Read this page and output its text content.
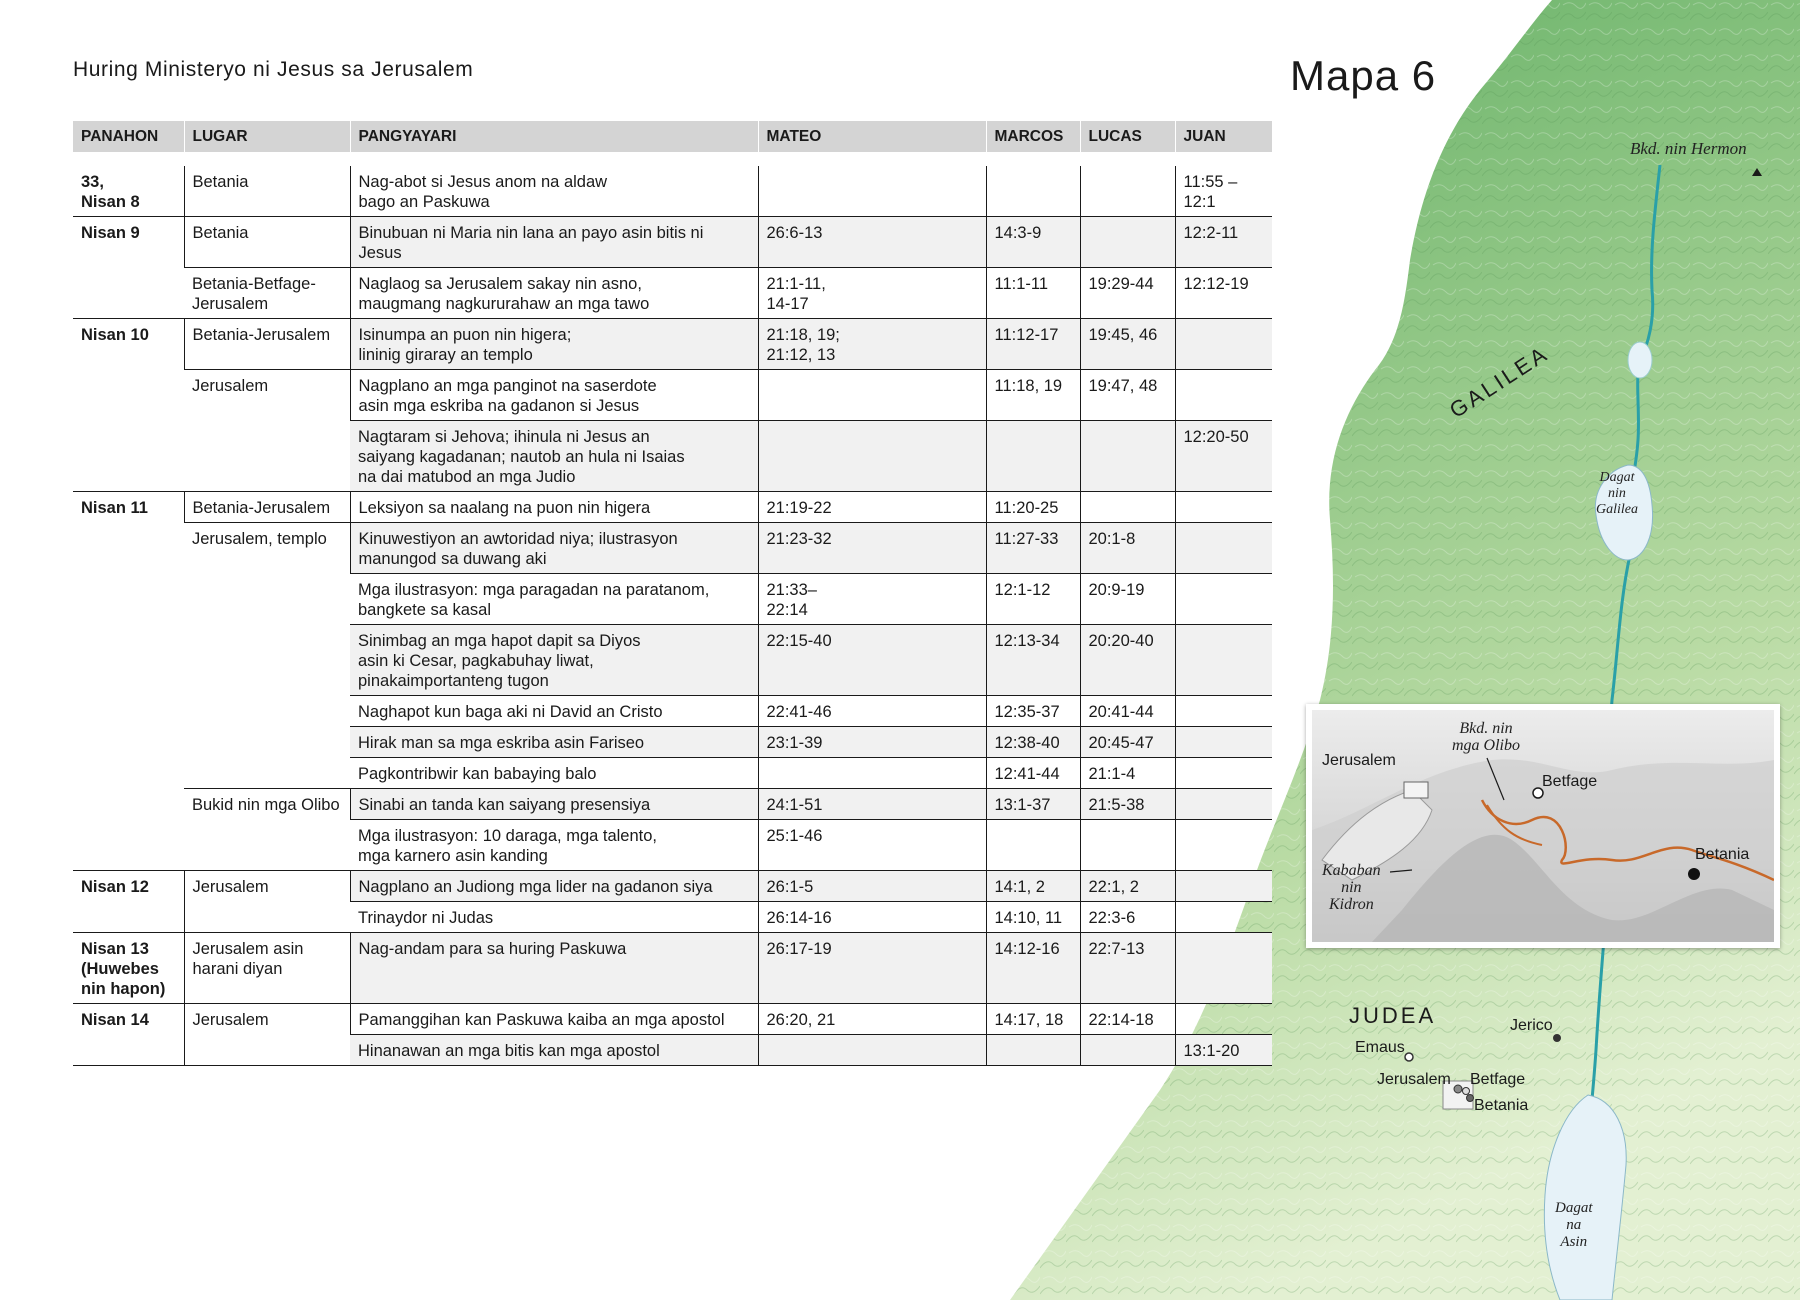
Huring Ministeryo ni Jesus sa Jerusalem	Mapa 6
Bkd. nin Hermon
GALILEA
Dagat
nin
Galilea
JUDEA	Jerico
Emaus
Jerusalem Betfage
Betania
Dagat
na
Asin
Bkd. nin
mga Olibo
Jerusalem
Betfage
Betania
Kababan
nin
Kidron
PANAHON	LUGAR	PANGYAYARI	MATEO	MARCOS	LUCAS	JUAN

33,
Nisan 8	Betania	Nag-abot si Jesus anom na aldaw
bago an Paskuwa				11:55 –
12:1

Nisan 9	Betania	Binubuan ni Maria nin lana an payo asin bitis ni Jesus	26:6-13	14:3-9		12:2-11

	Betania-Betfage-
Jerusalem	Naglaog sa Jerusalem sakay nin asno,
maugmang nagkururahaw an mga tawo	21:1-11,
14-17	11:1-11	19:29-44	12:12-19

Nisan 10	Betania-Jerusalem	Isinumpa an puon nin higera;
lininig giraray an templo	21:18, 19;
21:12, 13	11:12-17	19:45, 46	

	Jerusalem	Nagplano an mga panginot na saserdote
asin mga eskriba na gadanon si Jesus		11:18, 19	19:47, 48	

		Nagtaram si Jehova; ihinula ni Jesus an
saiyang kagadanan; nautob an hula ni Isaias
na dai matubod an mga Judio				12:20-50

Nisan 11	Betania-Jerusalem	Leksiyon sa naalang na puon nin higera	21:19-22	11:20-25		

	Jerusalem, templo	Kinuwestiyon an awtoridad niya; ilustrasyon
manungod sa duwang aki	21:23-32	11:27-33	20:1-8	

		Mga ilustrasyon: mga paragadan na paratanom,
bangkete sa kasal	21:33–
22:14	12:1-12	20:9-19	

		Sinimbag an mga hapot dapit sa Diyos
asin ki Cesar, pagkabuhay liwat,
pinakaimportanteng tugon	22:15-40	12:13-34	20:20-40	

		Naghapot kun baga aki ni David an Cristo	22:41-46	12:35-37	20:41-44	

		Hirak man sa mga eskriba asin Fariseo	23:1-39	12:38-40	20:45-47	

		Pagkontribwir kan babaying balo		12:41-44	21:1-4	

	Bukid nin mga Olibo	Sinabi an tanda kan saiyang presensiya	24:1-51	13:1-37	21:5-38	

		Mga ilustrasyon: 10 daraga, mga talento,
mga karnero asin kanding	25:1-46			

Nisan 12	Jerusalem	Nagplano an Judiong mga lider na gadanon siya	26:1-5	14:1, 2	22:1, 2	

		Trinaydor ni Judas	26:14-16	14:10, 11	22:3-6	

Nisan 13
(Huwebes
nin hapon)	Jerusalem asin
harani diyan	Nag-andam para sa huring Paskuwa	26:17-19	14:12-16	22:7-13	

Nisan 14	Jerusalem	Pamanggihan kan Paskuwa kaiba an mga apostol	26:20, 21	14:17, 18	22:14-18	

		Hinanawan an mga bitis kan mga apostol				13:1-20
